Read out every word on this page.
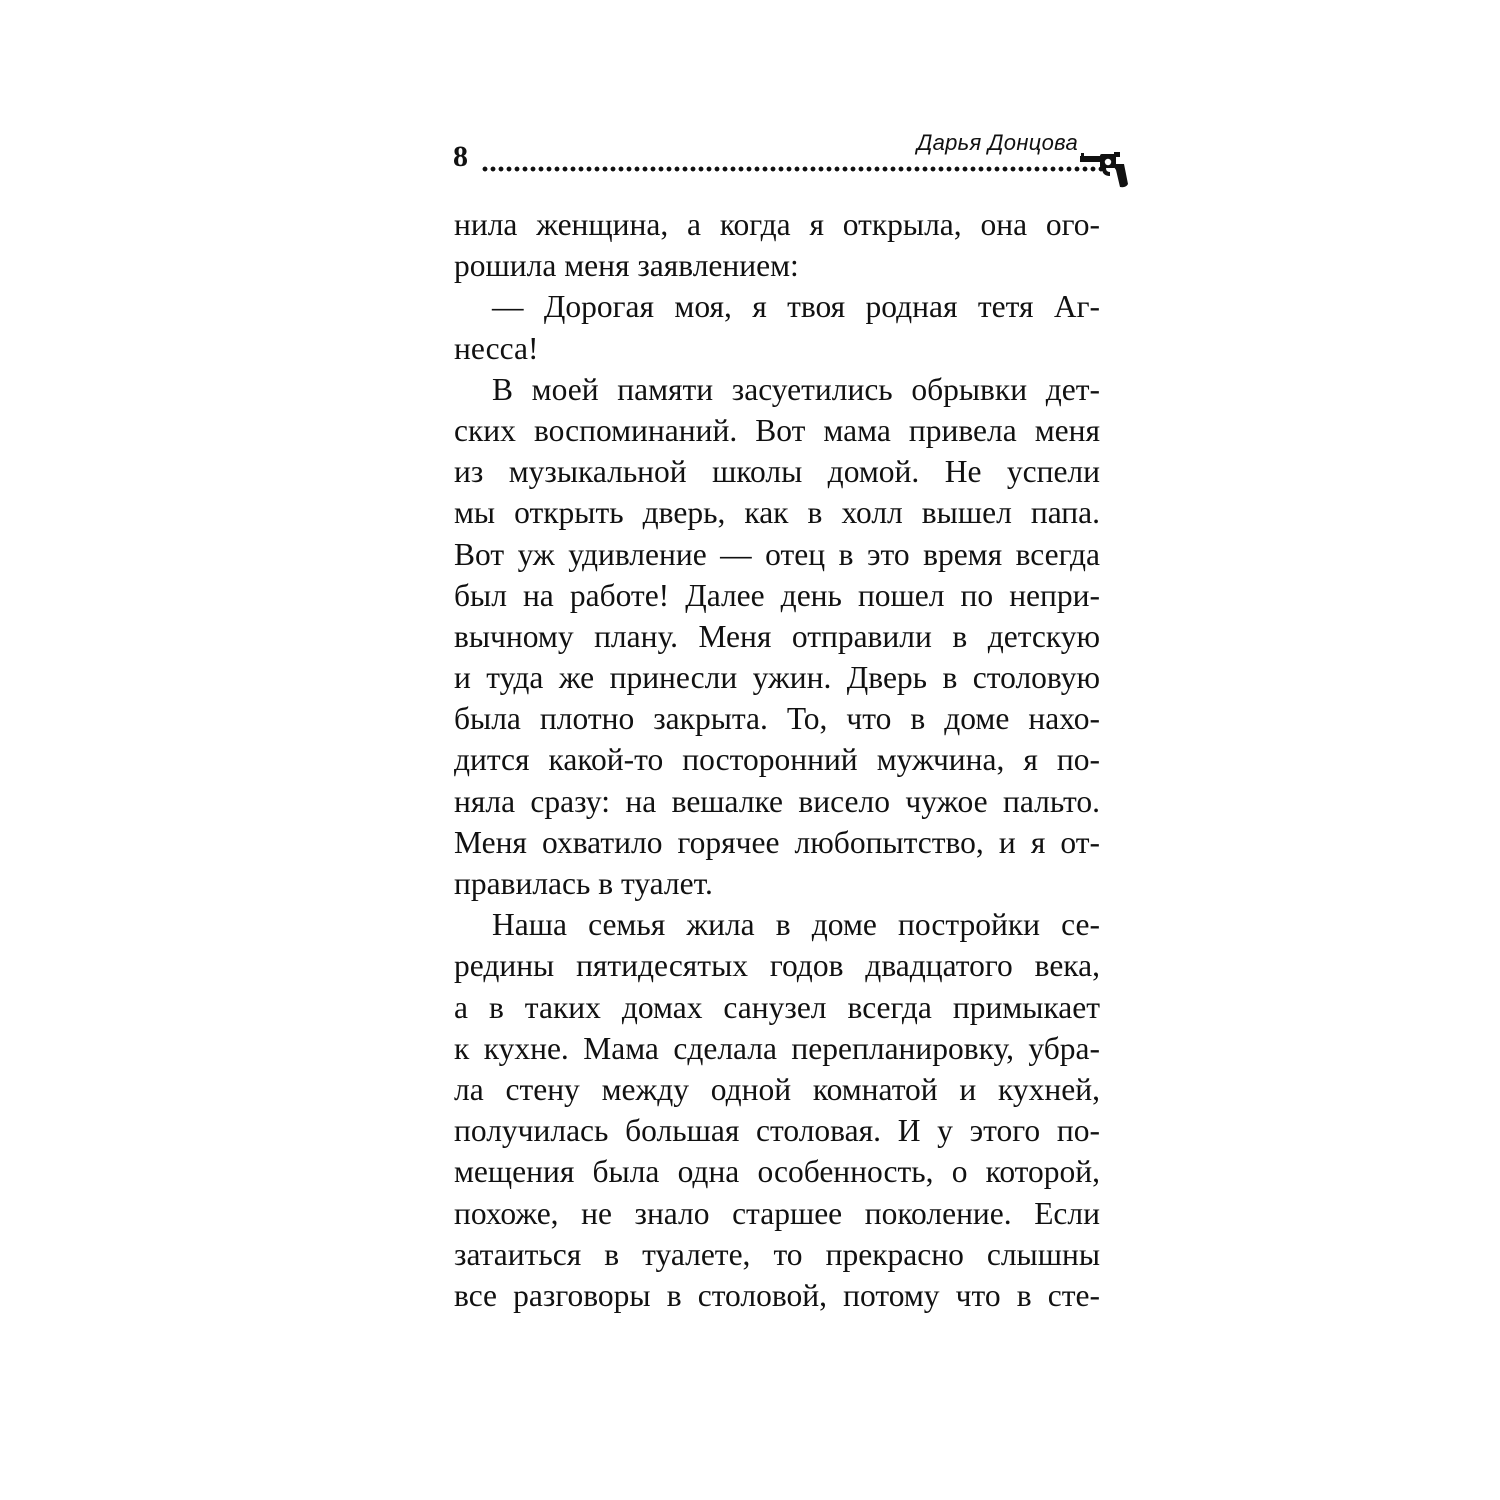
8	Дарья Донцова
нила женщина, а когда я открыла, она ого-
рошила меня заявлением:
— Дорогая моя, я твоя родная тетя Аг-
несса!
В моей памяти засуетились обрывки дет-
ских воспоминаний. Вот мама привела меня
из музыкальной школы домой. Не успели
мы открыть дверь, как в холл вышел папа.
Вот уж удивление — отец в это время всегда
был на работе! Далее день пошел по непри-
вычному плану. Меня отправили в детскую
и туда же принесли ужин. Дверь в столовую
была плотно закрыта. То, что в доме нахо-
дится какой-то посторонний мужчина, я по-
няла сразу: на вешалке висело чужое пальто.
Меня охватило горячее любопытство, и я от-
правилась в туалет.
Наша семья жила в доме постройки се-
редины пятидесятых годов двадцатого века,
а в таких домах санузел всегда примыкает
к кухне. Мама сделала перепланировку, убра-
ла стену между одной комнатой и кухней,
получилась большая столовая. И у этого по-
мещения была одна особенность, о которой,
похоже, не знало старшее поколение. Если
затаиться в туалете, то прекрасно слышны
все разговоры в столовой, потому что в сте-
